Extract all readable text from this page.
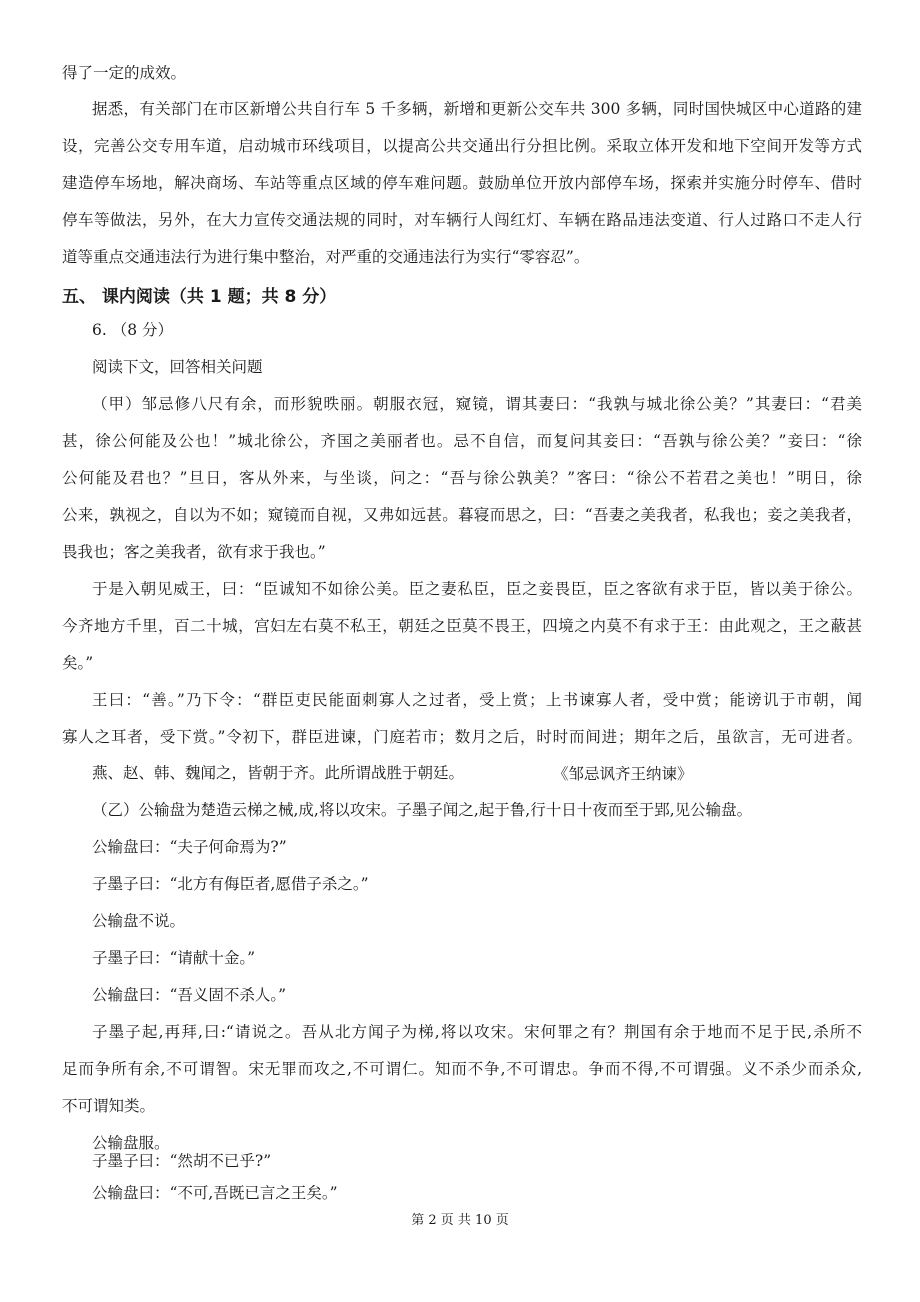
得了一定的成效。
据悉，有关部门在市区新增公共自行车 5 千多辆，新增和更新公交车共 300 多辆，同时国快城区中心道路的建
设，完善公交专用车道，启动城市环线项目，以提高公共交通出行分担比例。采取立体开发和地下空间开发等方式
建造停车场地，解决商场、车站等重点区域的停车难问题。鼓励单位开放内部停车场，探索并实施分时停车、借时
停车等做法，另外，在大力宣传交通法规的同时，对车辆行人闯红灯、车辆在路品违法变道、行人过路口不走人行
道等重点交通违法行为进行集中整治，对严重的交通违法行为实行“零容忍”。
五、 课内阅读（共 1 题；共 8 分）
6. （8 分）
阅读下文，回答相关问题
（甲）邹忌修八尺有余，而形貌昳丽。朝服衣冠，窥镜，谓其妻曰：“我孰与城北徐公美？”其妻曰：“君美
甚，徐公何能及公也！”城北徐公，齐国之美丽者也。忌不自信，而复问其妾曰：“吾孰与徐公美？”妾曰：“徐
公何能及君也？”旦日，客从外来，与坐谈，问之：“吾与徐公孰美？”客曰：“徐公不若君之美也！”明日，徐
公来，孰视之，自以为不如；窥镜而自视，又弗如远甚。暮寝而思之，曰：“吾妻之美我者，私我也；妾之美我者，
畏我也；客之美我者，欲有求于我也。”
于是入朝见威王，曰：“臣诚知不如徐公美。臣之妻私臣，臣之妾畏臣，臣之客欲有求于臣，皆以美于徐公。
今齐地方千里，百二十城，宫妇左右莫不私王，朝廷之臣莫不畏王，四境之内莫不有求于王：由此观之，王之蔽甚
矣。”
王曰：“善。”乃下令：“群臣吏民能面刺寡人之过者，受上赏；上书谏寡人者，受中赏；能谤讥于市朝，闻
寡人之耳者，受下赏。”令初下，群臣进谏，门庭若市；数月之后，时时而间进；期年之后，虽欲言，无可进者。
燕、赵、韩、魏闻之，皆朝于齐。此所谓战胜于朝廷。	《邹忌讽齐王纳谏》
（乙）公输盘为楚造云梯之械,成,将以攻宋。子墨子闻之,起于鲁,行十日十夜而至于郢,见公输盘。
公输盘曰：“夫子何命焉为?”
子墨子曰：“北方有侮臣者,愿借子杀之。”
公输盘不说。
子墨子曰：“请献十金。”
公输盘曰：“吾义固不杀人。”
子墨子起,再拜,曰:“请说之。吾从北方闻子为梯,将以攻宋。宋何罪之有？荆国有余于地而不足于民,杀所不
足而争所有余,不可谓智。宋无罪而攻之,不可谓仁。知而不争,不可谓忠。争而不得,不可谓强。义不杀少而杀众,
不可谓知类。
公输盘服。
子墨子曰：“然胡不已乎?”
公输盘曰：“不可,吾既已言之王矣。”
第 2 页 共 10 页
